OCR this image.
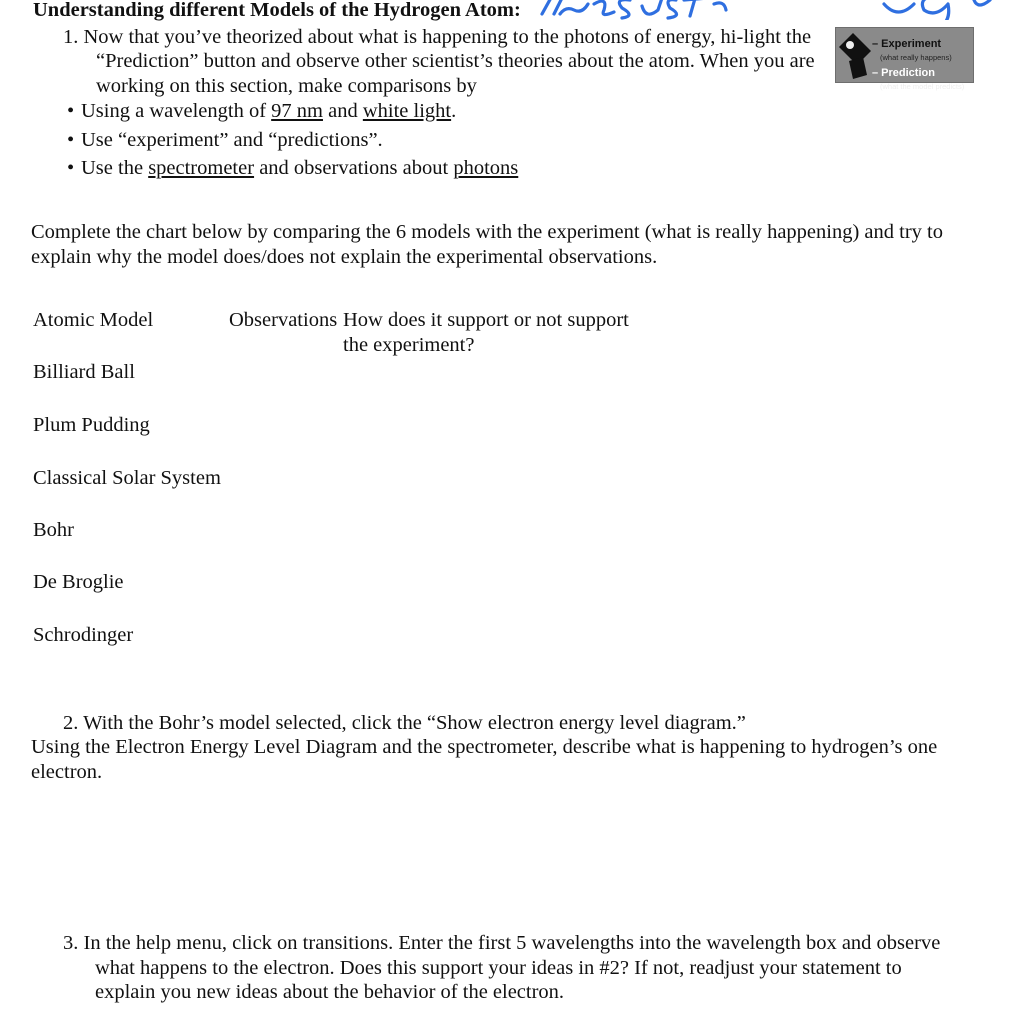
Understanding different Models of the Hydrogen Atom:
1. Now that you’ve theorized about what is happening to the photons of energy, hi-light the
“Prediction” button and observe other scientist’s theories about the atom. When you are
working on this section, make comparisons by
• Using a wavelength of 97 nm and white light.
• Use “experiment” and “predictions”.
• Use the spectrometer and observations about photons
– Experiment
(what really happens)
– Prediction
(what the model predicts)
Complete the chart below by comparing the 6 models with the experiment (what is really happening) and try to
explain why the model does/does not explain the experimental observations.
Atomic Model	Observations How does it support or not support
the experiment?
Billiard Ball
Plum Pudding
Classical Solar System
Bohr
De Broglie
Schrodinger
2. With the Bohr’s model selected, click the “Show electron energy level diagram.”
Using the Electron Energy Level Diagram and the spectrometer, describe what is happening to hydrogen’s one
electron.
3. In the help menu, click on transitions. Enter the first 5 wavelengths into the wavelength box and observe
what happens to the electron. Does this support your ideas in #2? If not, readjust your statement to
explain you new ideas about the behavior of the electron.
